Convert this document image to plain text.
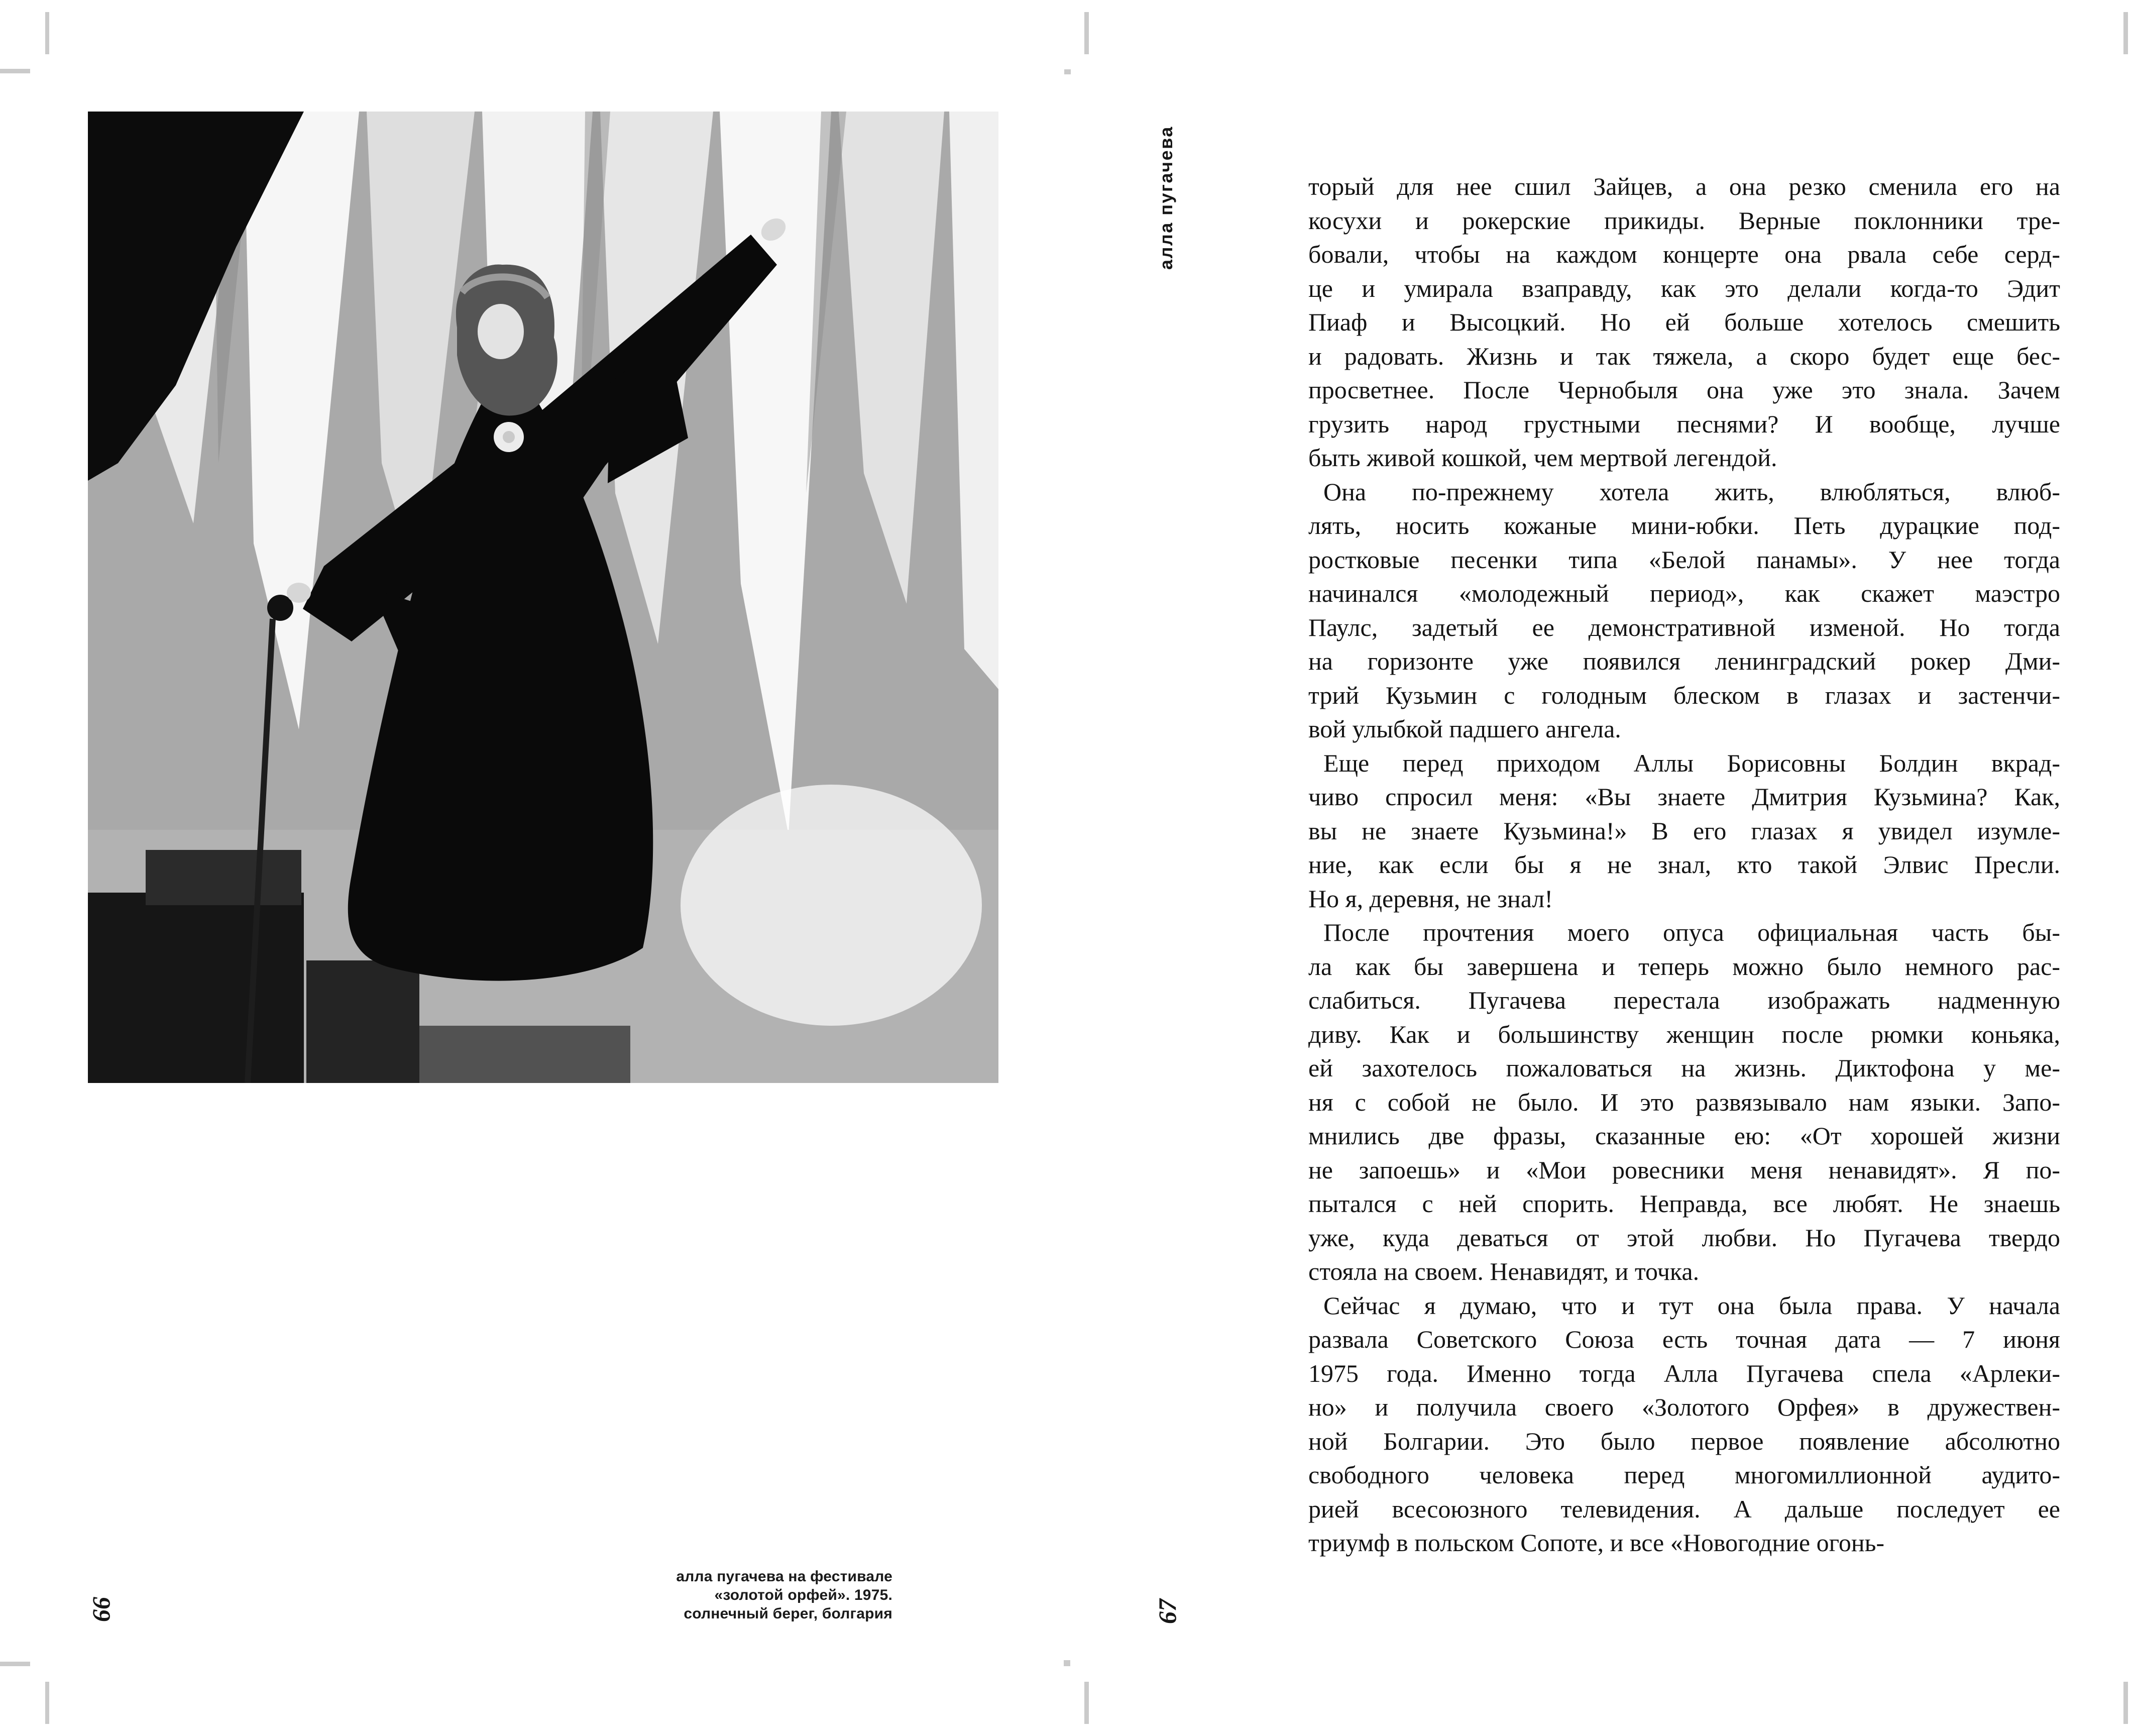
алла пугачева на фестивале
«золотой орфей». 1975.
солнечный берег, болгария
66
алла пугачева	торый для нее сшил Зайцев, а она резко сменила его на
косухи и рокерские прикиды. Верные поклонники тре-
бовали, чтобы на каждом концерте она рвала себе серд-
це и умирала взаправду, как это делали когда-то Эдит
Пиаф и Высоцкий. Но ей больше хотелось смешить
и радовать. Жизнь и так тяжела, а скоро будет еще бес-
просветнее. После Чернобыля она уже это знала. Зачем
грузить народ грустными песнями? И вообще, лучше
быть живой кошкой, чем мертвой легендой.
Она по-прежнему хотела жить, влюбляться, влюб-
лять, носить кожаные мини-юбки. Петь дурацкие под-
ростковые песенки типа «Белой панамы». У нее тогда
начинался «молодежный период», как скажет маэстро
Паулс, задетый ее демонстративной изменой. Но тогда
на горизонте уже появился ленинградский рокер Дми-
трий Кузьмин с голодным блеском в глазах и застенчи-
вой улыбкой падшего ангела.
Еще перед приходом Аллы Борисовны Болдин вкрад-
чиво спросил меня: «Вы знаете Дмитрия Кузьмина? Как,
вы не знаете Кузьмина!» В его глазах я увидел изумле-
ние, как если бы я не знал, кто такой Элвис Пресли.
Но я, деревня, не знал!
После прочтения моего опуса официальная часть бы-
ла как бы завершена и теперь можно было немного рас-
слабиться. Пугачева перестала изображать надменную
диву. Как и большинству женщин после рюмки коньяка,
ей захотелось пожаловаться на жизнь. Диктофона у ме-
ня с собой не было. И это развязывало нам языки. Запо-
мнились две фразы, сказанные ею: «От хорошей жизни
не запоешь» и «Мои ровесники меня ненавидят». Я по-
пытался с ней спорить. Неправда, все любят. Не знаешь
уже, куда деваться от этой любви. Но Пугачева твердо
стояла на своем. Ненавидят, и точка.
Сейчас я думаю, что и тут она была права. У начала
развала Советского Союза есть точная дата — 7 июня
1975 года. Именно тогда Алла Пугачева спела «Арлеки-
но» и получила своего «Золотого Орфея» в дружествен-
ной Болгарии. Это было первое появление абсолютно
свободного человека перед многомиллионной аудито-
рией всесоюзного телевидения. А дальше последует ее
триумф в польском Сопоте, и все «Новогодние огонь-
67
